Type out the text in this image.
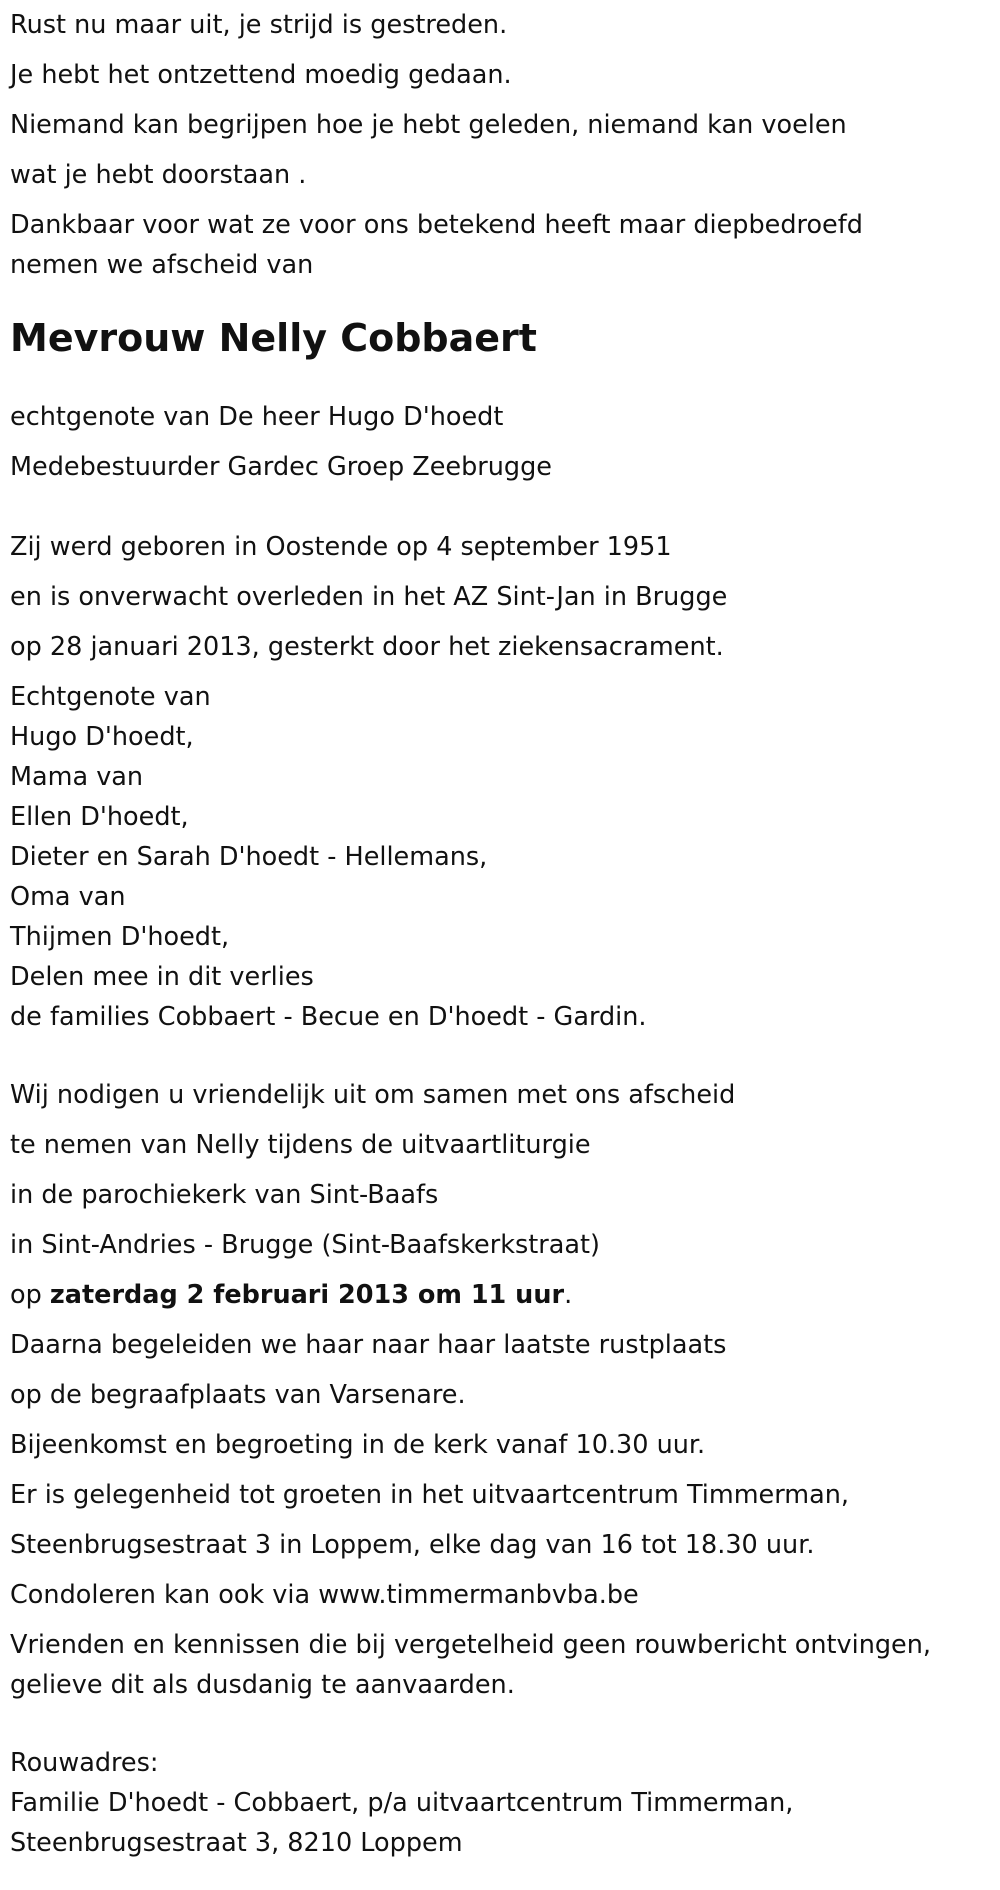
Rust nu maar uit, je strijd is gestreden.

Je hebt het ontzettend moedig gedaan.

Niemand kan begrijpen hoe je hebt geleden, niemand kan voelen

wat je hebt doorstaan .

Dankbaar voor wat ze voor ons betekend heeft maar diepbedroefd
nemen we afscheid van
Mevrouw Nelly Cobbaert

echtgenote van De heer Hugo D'hoedt

Medebestuurder Gardec Groep Zeebrugge

Zij werd geboren in Oostende op 4 september 1951

en is onverwacht overleden in het AZ Sint-Jan in Brugge

op 28 januari 2013, gesterkt door het ziekensacrament.

Echtgenote van
Hugo D'hoedt,
Mama van
Ellen D'hoedt,
Dieter en Sarah D'hoedt - Hellemans,
Oma van
Thijmen D'hoedt,
Delen mee in dit verlies
de families Cobbaert - Becue en D'hoedt - Gardin.

Wij nodigen u vriendelijk uit om samen met ons afscheid

te nemen van Nelly tijdens de uitvaartliturgie

in de parochiekerk van Sint-Baafs

in Sint-Andries - Brugge (Sint-Baafskerkstraat)

op zaterdag 2 februari 2013 om 11 uur.

Daarna begeleiden we haar naar haar laatste rustplaats

op de begraafplaats van Varsenare.

Bijeenkomst en begroeting in de kerk vanaf 10.30 uur.

Er is gelegenheid tot groeten in het uitvaartcentrum Timmerman,

Steenbrugsestraat 3 in Loppem, elke dag van 16 tot 18.30 uur.

Condoleren kan ook via www.timmermanbvba.be

Vrienden en kennissen die bij vergetelheid geen rouwbericht ontvingen,
gelieve dit als dusdanig te aanvaarden.
Rouwadres:
Familie D'hoedt - Cobbaert, p/a uitvaartcentrum Timmerman,
Steenbrugsestraat 3, 8210 Loppem
